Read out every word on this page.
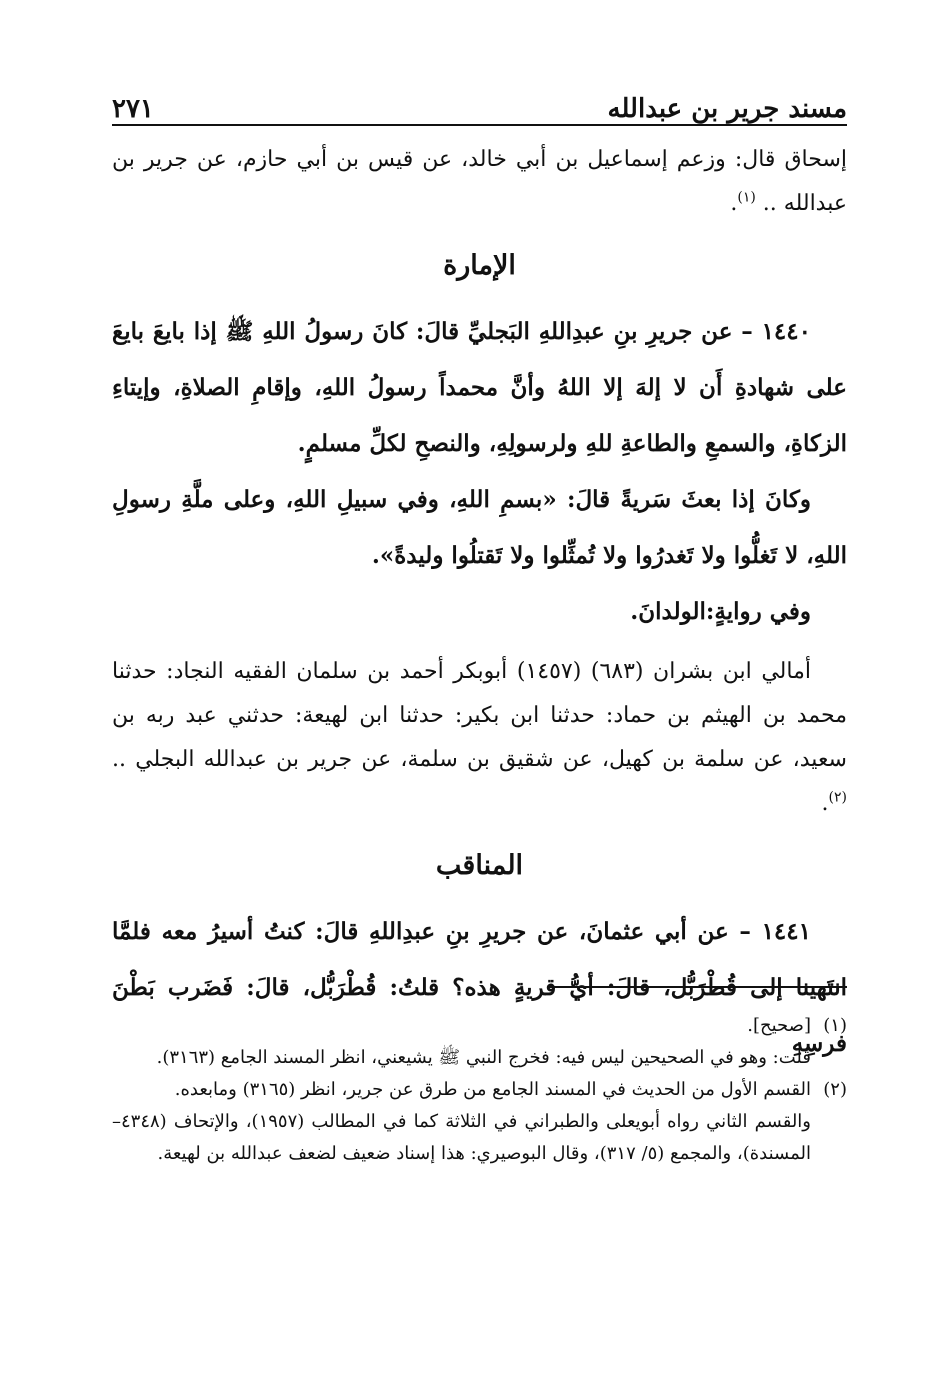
مسند جرير بن عبدالله
٢٧١

إسحاق قال: وزعم إسماعيل بن أبي خالد، عن قيس بن أبي حازم، عن جرير بن عبدالله .. $^{(١)}$.

الإمارة

١٤٤٠ – عن جريرِ بنِ عبدِاللهِ البَجليِّ قالَ: كانَ رسولُ اللهِ ﷺ إذا بايعَ بايعَ على شهادةِ أَن لا إلهَ إلا اللهُ وأنَّ محمداً رسولُ اللهِ، وإقامِ الصلاةِ، وإيتاءِ الزكاةِ، والسمعِ والطاعةِ للهِ ولرسولِهِ، والنصحِ لكلِّ مسلمٍ.

وكانَ إذا بعثَ سَريةً قالَ: «بسمِ اللهِ، وفي سبيلِ اللهِ، وعلى ملَّةِ رسولِ اللهِ، لا تَغلُّوا ولا تَغدرُوا ولا تُمثِّلوا ولا تَقتلُوا وليدةً».

وفي روايةٍ:الولدانَ.

أمالي ابن بشران (٦٨٣) (١٤٥٧) أبوبكر أحمد بن سلمان الفقيه النجاد: حدثنا محمد بن الهيثم بن حماد: حدثنا ابن بكير: حدثنا ابن لهيعة: حدثني عبد ربه بن سعيد، عن سلمة بن كهيل، عن شقيق بن سلمة، عن جرير بن عبدالله البجلي .. $^{(٢)}$.

المناقب

١٤٤١ – عن أبي عثمانَ، عن جريرِ بنِ عبدِاللهِ قالَ: كنتُ أسيرُ معه فلمَّا انتَهينا إلى قُطْرَبُّل، قالَ: أيُّ قريةٍ هذه؟ قلتُ: قُطْرَبُّل، قالَ: فَضَرب بَطْنَ فرسِهِ

(١)[صحيح].

قلت: وهو في الصحيحين ليس فيه: فخرج النبي ﷺ يشيعني، انظر المسند الجامع (٣١٦٣).

(٢)القسم الأول من الحديث في المسند الجامع من طرق عن جرير، انظر (٣١٦٥) ومابعده.

والقسم الثاني رواه أبويعلى والطبراني في الثلاثة كما في المطالب (١٩٥٧)، والإتحاف (٤٣٤٨– المسندة)، والمجمع (٥/ ٣١٧)، وقال البوصيري: هذا إسناد ضعيف لضعف عبدالله بن لهيعة.
